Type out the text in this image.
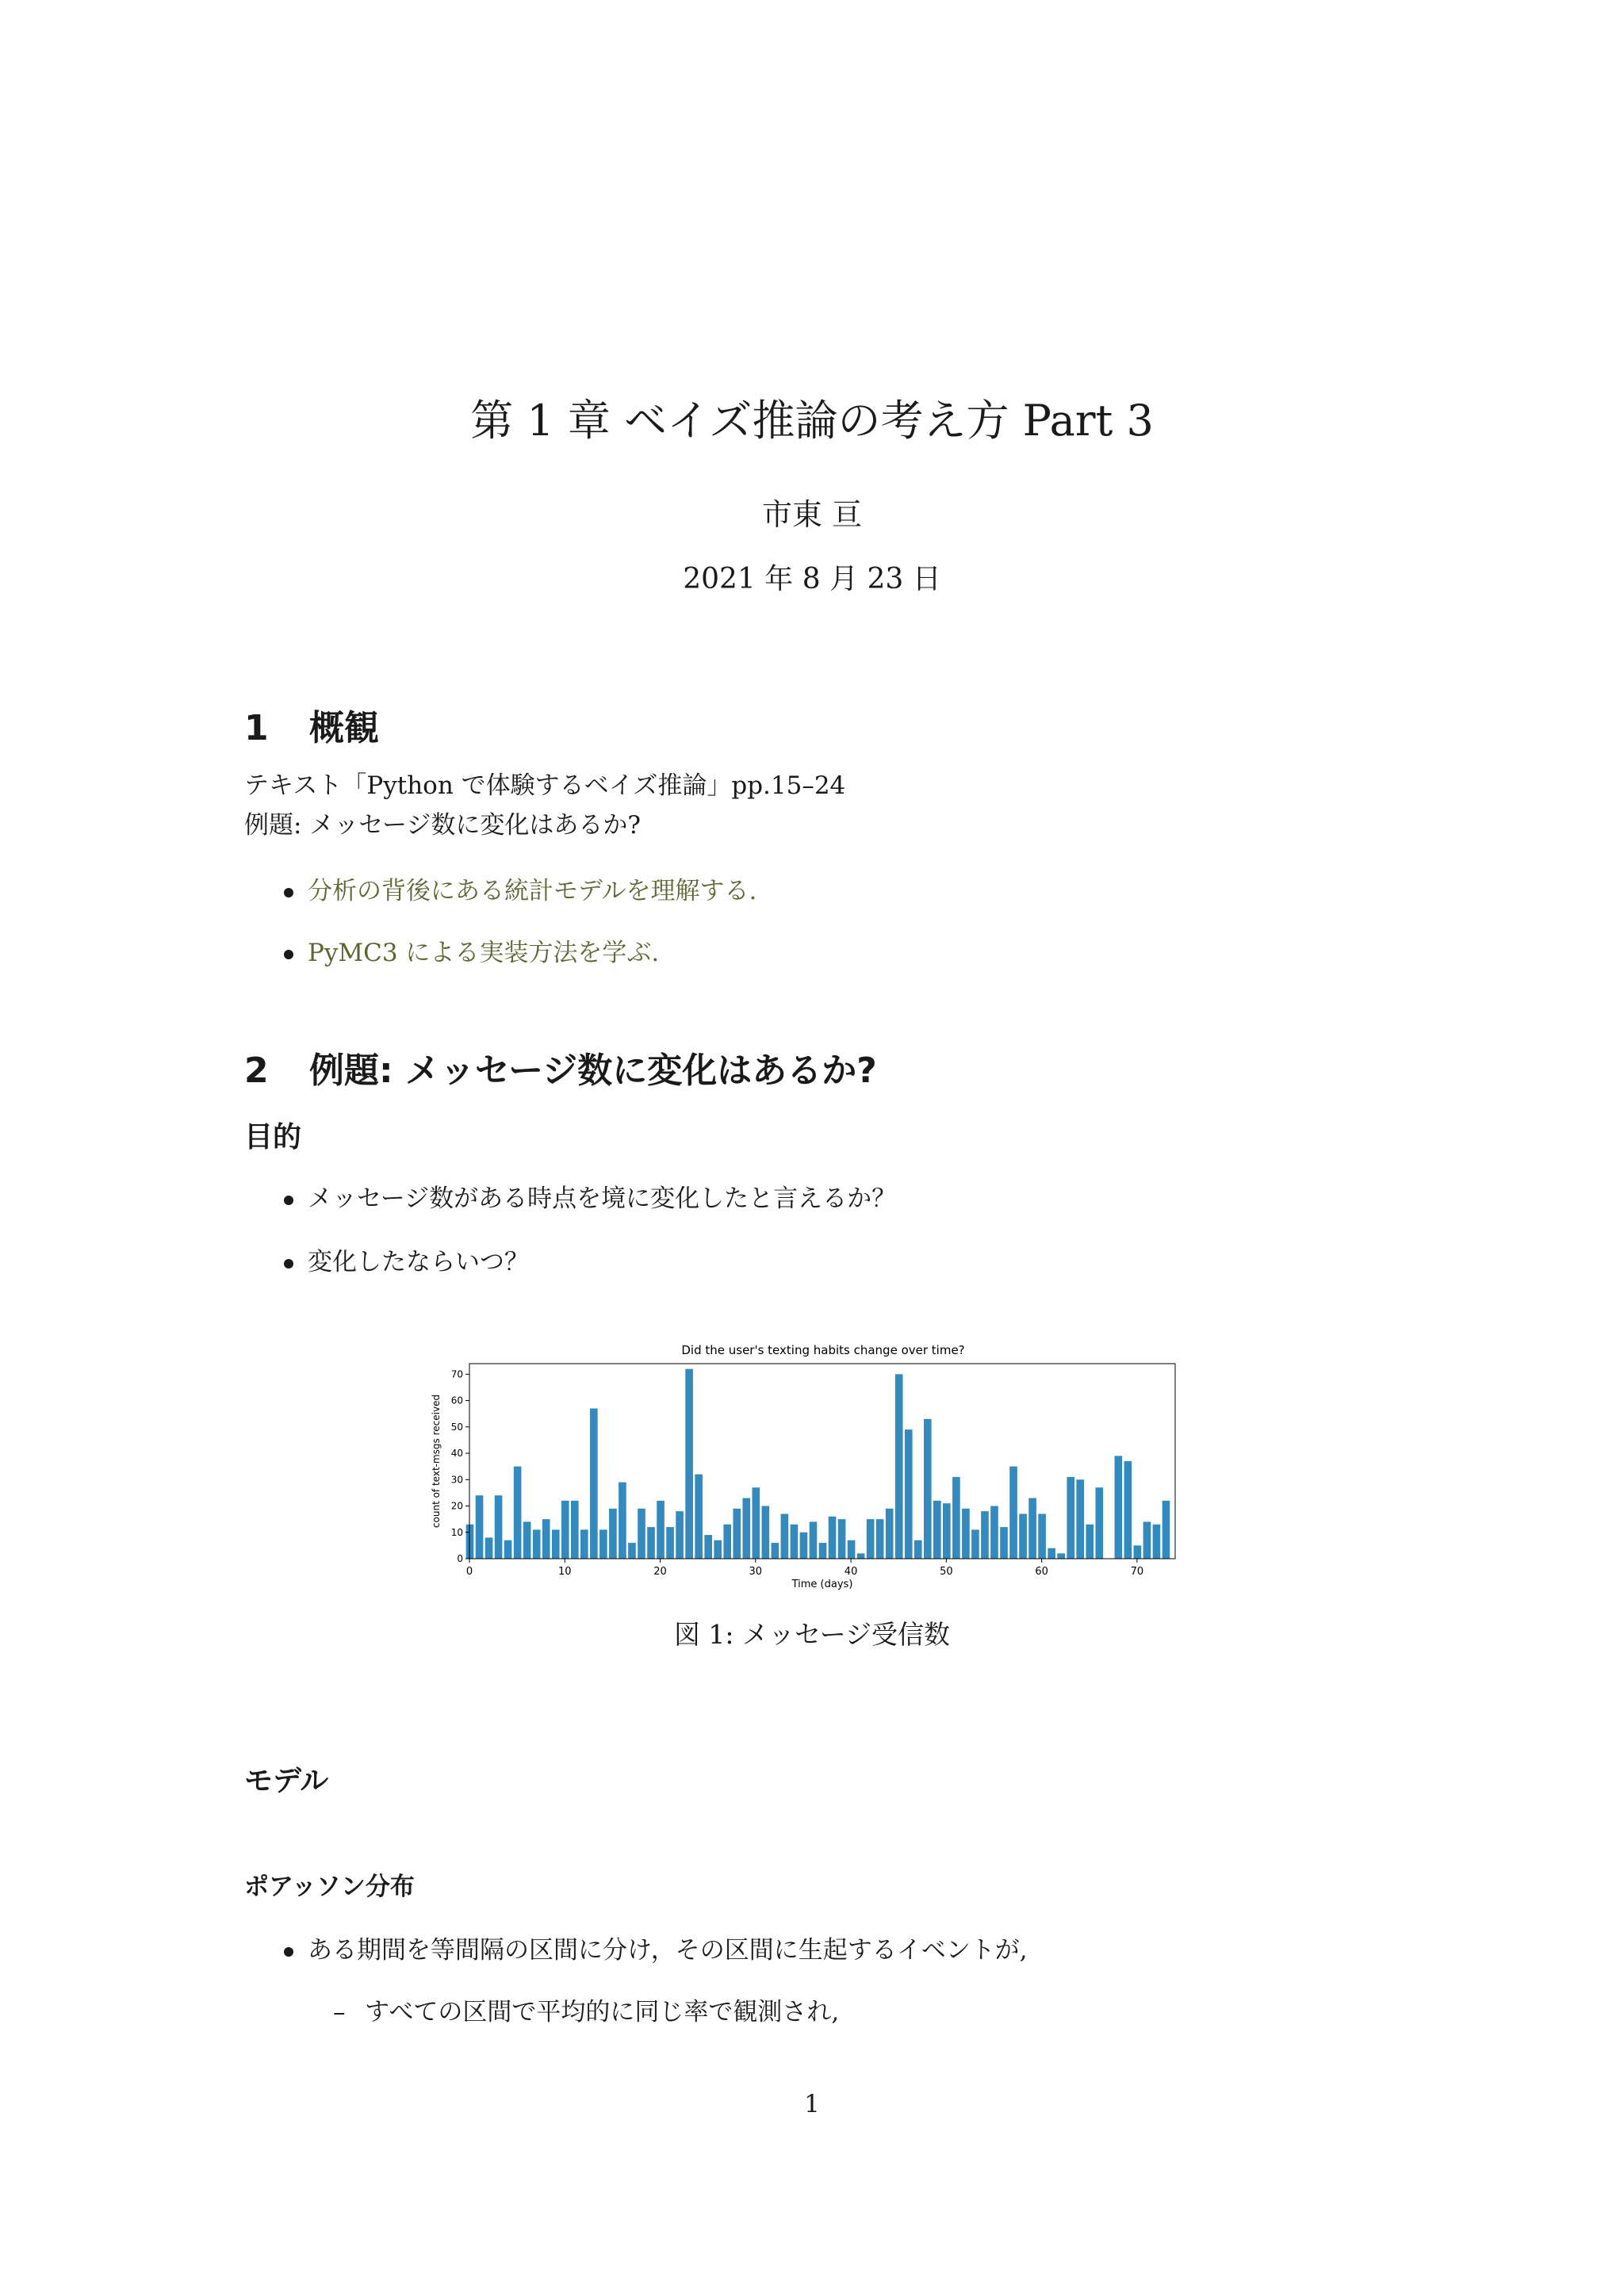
第 1 章 ベイズ推論の考え方 Part 3
市東 亘
2021 年 8 月 23 日
1 概観
テキスト「Python で体験するベイズ推論」pp.15–24
例題: メッセージ数に変化はあるか?
分析の背後にある統計モデルを理解する.
PyMC3 による実装方法を学ぶ.
2 例題: メッセージ数に変化はあるか?
目的
メッセージ数がある時点を境に変化したと言えるか？
変化したならいつ？
Did the user's texting habits change over time?
0	10	20	30	40	50	60	70
0
10
20
30
40
50
60
70
Time (days)
count of text-msgs received
図 1: メッセージ受信数
モデル
ポアッソン分布
ある期間を等間隔の区間に分け，その区間に生起するイベントが,
– すべての区間で平均的に同じ率で観測され,
1
